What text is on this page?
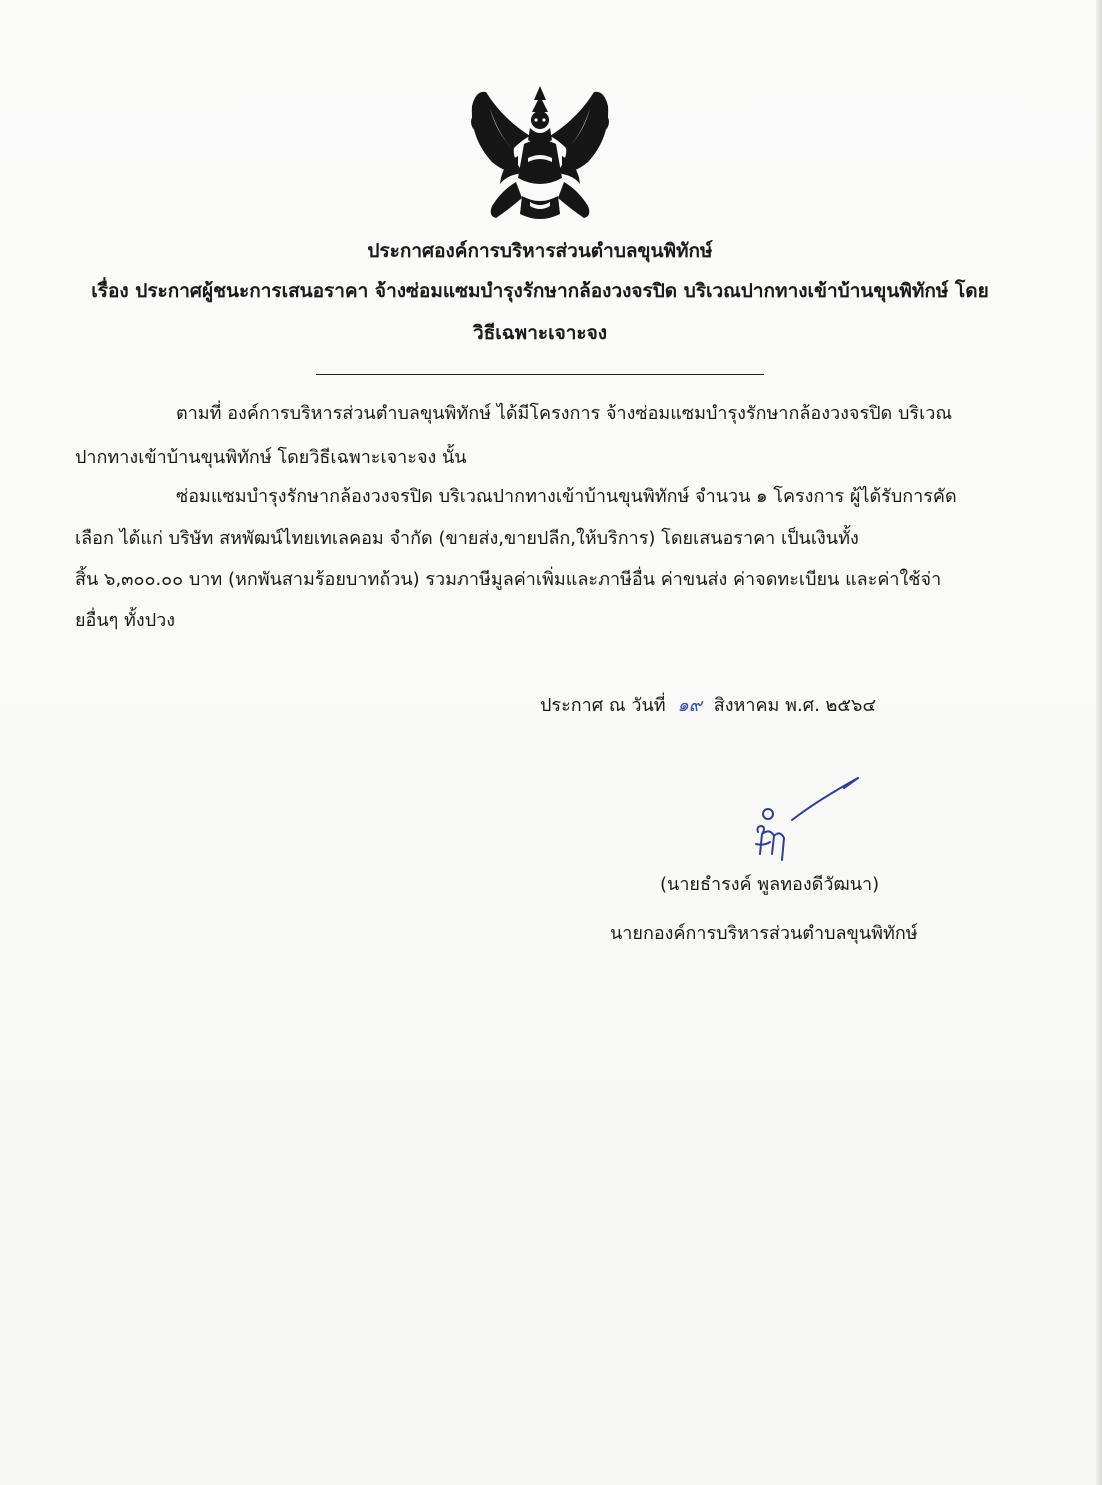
ประกาศองค์การบริหารส่วนตำบลขุนพิทักษ์
เรื่อง ประกาศผู้ชนะการเสนอราคา จ้างซ่อมแซมบำรุงรักษากล้องวงจรปิด บริเวณปากทางเข้าบ้านขุนพิทักษ์ โดย
วิธีเฉพาะเจาะจง
ตามที่ องค์การบริหารส่วนตำบลขุนพิทักษ์ ได้มีโครงการ จ้างซ่อมแซมบำรุงรักษากล้องวงจรปิด บริเวณ
ปากทางเข้าบ้านขุนพิทักษ์ โดยวิธีเฉพาะเจาะจง นั้น
ซ่อมแซมบำรุงรักษากล้องวงจรปิด บริเวณปากทางเข้าบ้านขุนพิทักษ์ จำนวน ๑ โครงการ ผู้ได้รับการคัด
เลือก ได้แก่ บริษัท สหพัฒน์ไทยเทเลคอม จำกัด (ขายส่ง,ขายปลีก,ให้บริการ) โดยเสนอราคา เป็นเงินทั้ง
สิ้น ๖,๓๐๐.๐๐ บาท (หกพันสามร้อยบาทถ้วน) รวมภาษีมูลค่าเพิ่มและภาษีอื่น ค่าขนส่ง ค่าจดทะเบียน และค่าใช้จ่า
ยอื่นๆ ทั้งปวง
ประกาศ ณ วันที่ ๑๙ สิงหาคม พ.ศ. ๒๕๖๔
(นายธำรงค์ พูลทองดีวัฒนา)
นายกองค์การบริหารส่วนตำบลขุนพิทักษ์
